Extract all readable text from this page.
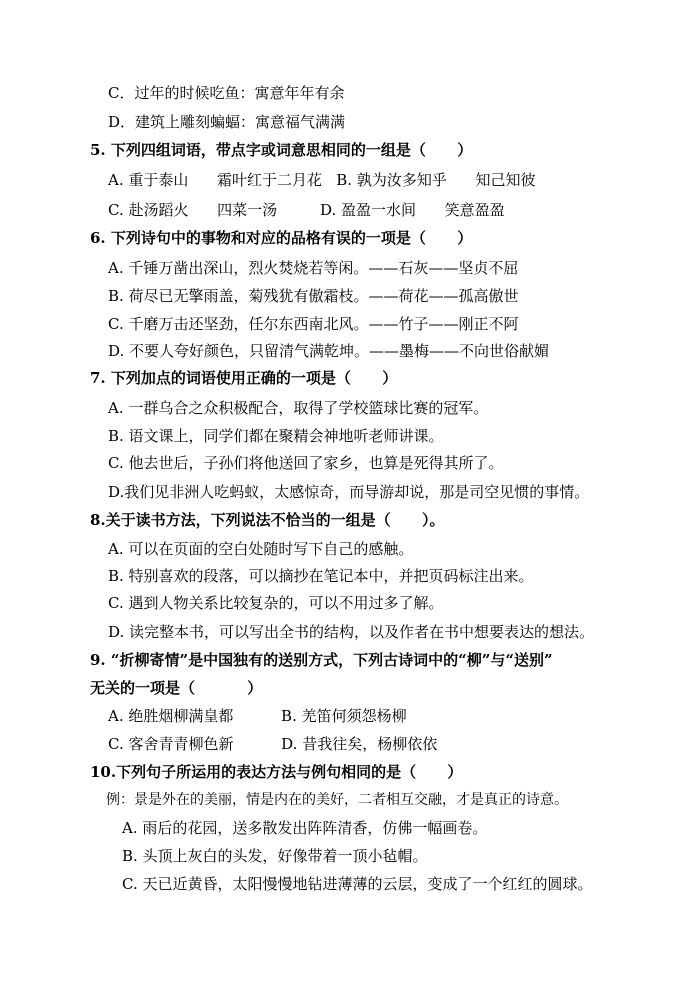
C．过年的时候吃鱼：寓意年年有余
D．建筑上雕刻蝙蝠：寓意福气满满
5. 下列四组词语，带点字或词意思相同的一组是（      ）
A. 重于泰山      霜叶红于二月花   B. 孰为汝多知乎      知己知彼
C. 赴汤蹈火      四菜一汤         D. 盈盈一水间      笑意盈盈
6. 下列诗句中的事物和对应的品格有误的一项是（      ）
A. 千锤万凿出深山，烈火焚烧若等闲。——石灰——坚贞不屈
B. 荷尽已无擎雨盖，菊残犹有傲霜枝。——荷花——孤高傲世
C. 千磨万击还坚劲，任尔东西南北风。——竹子——刚正不阿
D. 不要人夸好颜色，只留清气满乾坤。——墨梅——不向世俗献媚
7. 下列加点的词语使用正确的一项是（      ）
A. 一群乌合之众积极配合，取得了学校篮球比赛的冠军。
B. 语文课上，同学们都在聚精会神地听老师讲课。
C. 他去世后，子孙们将他送回了家乡，也算是死得其所了。
D.我们见非洲人吃蚂蚁，太感惊奇，而导游却说，那是司空见惯的事情。
8.关于读书方法，下列说法不恰当的一组是（      ）。
A. 可以在页面的空白处随时写下自己的感触。
B. 特别喜欢的段落，可以摘抄在笔记本中，并把页码标注出来。
C. 遇到人物关系比较复杂的，可以不用过多了解。
D. 读完整本书，可以写出全书的结构，以及作者在书中想要表达的想法。
9. “折柳寄情”是中国独有的送别方式，下列古诗词中的“柳”与“送别”
无关的一项是（          ）
A. 绝胜烟柳满皇都          B. 羌笛何须怨杨柳
C. 客舍青青柳色新          D. 昔我往矣，杨柳依依
10.下列句子所运用的表达方法与例句相同的是（      ）
例：景是外在的美丽，情是内在的美好，二者相互交融，才是真正的诗意。
A. 雨后的花园，送多散发出阵阵清香，仿佛一幅画卷。
B. 头顶上灰白的头发，好像带着一顶小毡帽。
C. 天已近黄昏，太阳慢慢地钻进薄薄的云层，变成了一个红红的圆球。
